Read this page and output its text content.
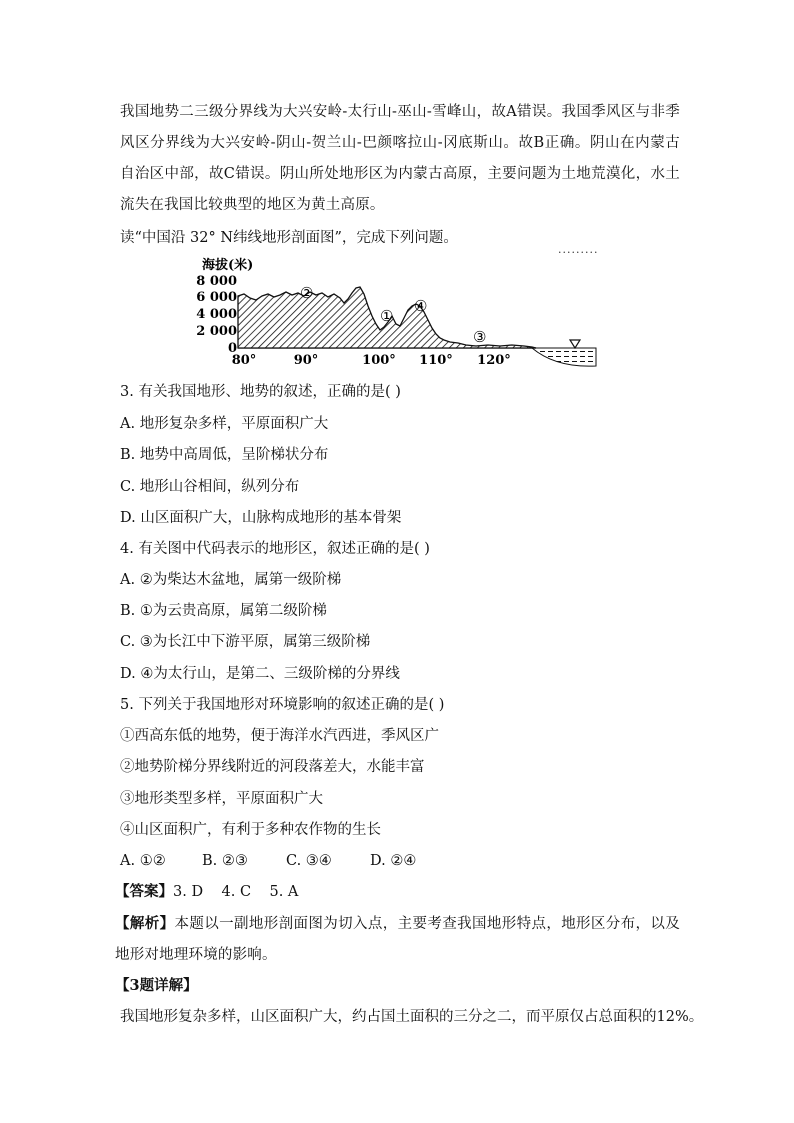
我国地势二三级分界线为大兴安岭-太行山-巫山-雪峰山，故A错误。我国季风区与非季风区分界线为大兴安岭-阴山-贺兰山-巴颜喀拉山-冈底斯山。故B正确。阴山在内蒙古自治区中部，故C错误。阴山所处地形区为内蒙古高原，主要问题为土地荒漠化，水土流失在我国比较典型的地区为黄土高原。
读“中国沿 32° N纬线地形剖面图”，完成下列问题。
·········
海拔(米)
8 000
6 000
4 000
2 000
0
②
①
④
③
80°	90°	100° 110° 120°
3. 有关我国地形、地势的叙述，正确的是( )
A. 地形复杂多样，平原面积广大
B. 地势中高周低，呈阶梯状分布
C. 地形山谷相间，纵列分布
D. 山区面积广大，山脉构成地形的基本骨架
4. 有关图中代码表示的地形区，叙述正确的是( )
A. ②为柴达木盆地，属第一级阶梯
B. ①为云贵高原，属第二级阶梯
C. ③为长江中下游平原，属第三级阶梯
D. ④为太行山，是第二、三级阶梯的分界线
5. 下列关于我国地形对环境影响的叙述正确的是( )
①西高东低的地势，便于海洋水汽西进，季风区广
②地势阶梯分界线附近的河段落差大，水能丰富
③地形类型多样，平原面积广大
④山区面积广，有利于多种农作物的生长
A. ①②	B. ②③	C. ③④	D. ②④
【答案】3. D    4. C    5. A
【解析】本题以一副地形剖面图为切入点，主要考查我国地形特点，地形区分布，以及地形对地理环境的影响。
【3题详解】
我国地形复杂多样，山区面积广大，约占国土面积的三分之二，而平原仅占总面积的12%。
